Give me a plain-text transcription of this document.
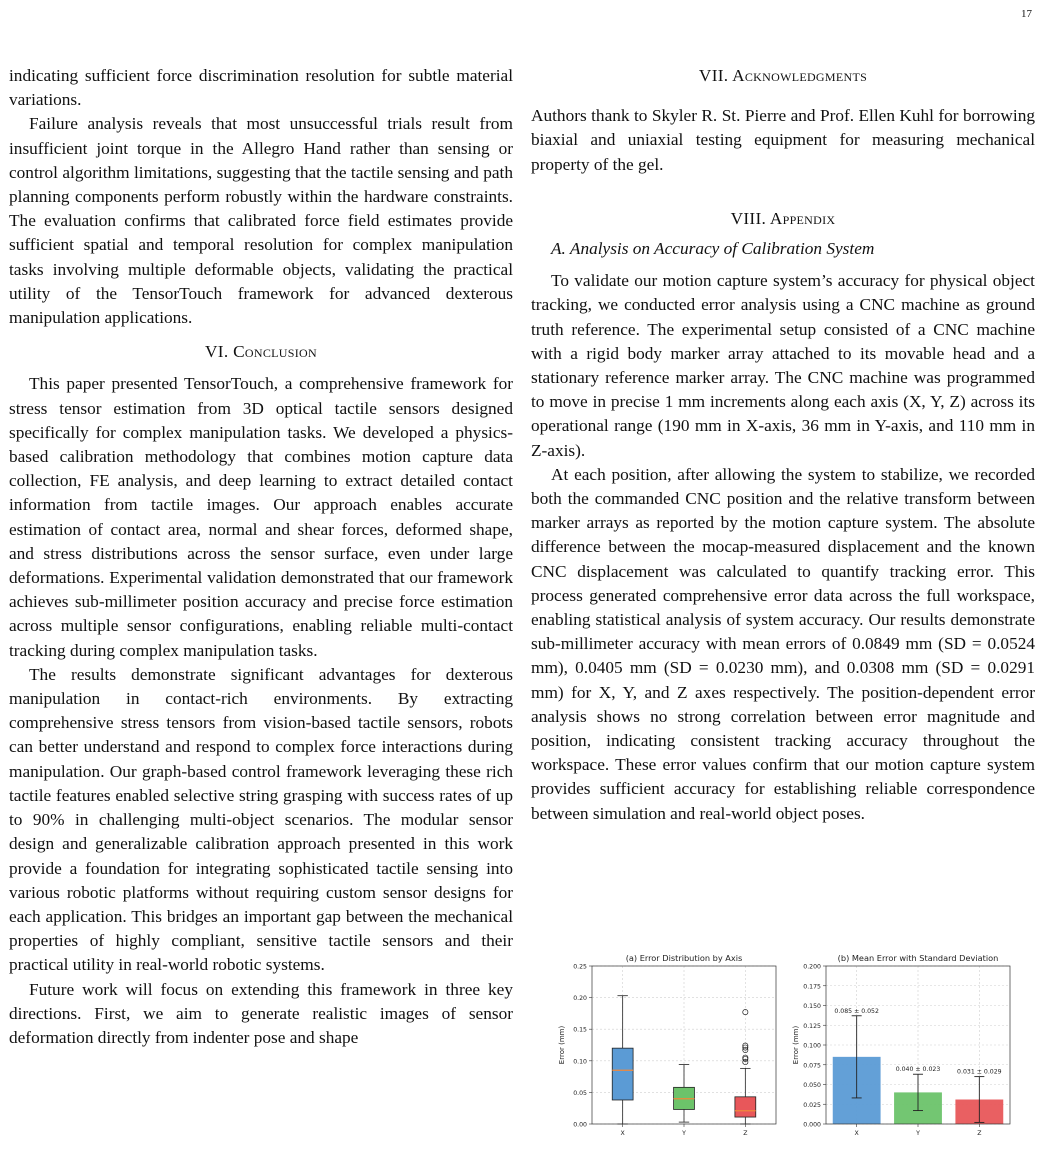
17

indicating sufficient force discrimination resolution for subtle material variations.

Failure analysis reveals that most unsuccessful trials result from insufficient joint torque in the Allegro Hand rather than sensing or control algorithm limitations, suggesting that the tactile sensing and path planning components perform robustly within the hardware constraints. The evaluation confirms that calibrated force field estimates provide sufficient spatial and temporal resolution for complex manipulation tasks involving multiple deformable objects, validating the practical utility of the TensorTouch framework for advanced dexterous manipulation applications.

VI. Conclusion

This paper presented TensorTouch, a comprehensive framework for stress tensor estimation from 3D optical tactile sensors designed specifically for complex manipulation tasks. We developed a physics-based calibration methodology that combines motion capture data collection, FE analysis, and deep learning to extract detailed contact information from tactile images. Our approach enables accurate estimation of contact area, normal and shear forces, deformed shape, and stress distributions across the sensor surface, even under large deformations. Experimental validation demonstrated that our framework achieves sub-millimeter position accuracy and precise force estimation across multiple sensor configurations, enabling reliable multi-contact tracking during complex manipulation tasks.

The results demonstrate significant advantages for dexterous manipulation in contact-rich environments. By extracting comprehensive stress tensors from vision-based tactile sensors, robots can better understand and respond to complex force interactions during manipulation. Our graph-based control framework leveraging these rich tactile features enabled selective string grasping with success rates of up to 90% in challenging multi-object scenarios. The modular sensor design and generalizable calibration approach presented in this work provide a foundation for integrating sophisticated tactile sensing into various robotic platforms without requiring custom sensor designs for each application. This bridges an important gap between the mechanical properties of highly compliant, sensitive tactile sensors and their practical utility in real-world robotic systems.

Future work will focus on extending this framework in three key directions. First, we aim to generate realistic images of sensor deformation directly from indenter pose and shape

VII. Acknowledgments

Authors thank to Skyler R. St. Pierre and Prof. Ellen Kuhl for borrowing biaxial and uniaxial testing equipment for measuring mechanical property of the gel.

VIII. Appendix

A. Analysis on Accuracy of Calibration System

To validate our motion capture system’s accuracy for physical object tracking, we conducted error analysis using a CNC machine as ground truth reference. The experimental setup consisted of a CNC machine with a rigid body marker array attached to its movable head and a stationary reference marker array. The CNC machine was programmed to move in precise 1 mm increments along each axis (X, Y, Z) across its operational range (190 mm in X-axis, 36 mm in Y-axis, and 110 mm in Z-axis).

At each position, after allowing the system to stabilize, we recorded both the commanded CNC position and the relative transform between marker arrays as reported by the motion capture system. The absolute difference between the mocap-measured displacement and the known CNC displacement was calculated to quantify tracking error. This process generated comprehensive error data across the full workspace, enabling statistical analysis of system accuracy. Our results demonstrate sub-millimeter accuracy with mean errors of 0.0849 mm (SD = 0.0524 mm), 0.0405 mm (SD = 0.0230 mm), and 0.0308 mm (SD = 0.0291 mm) for X, Y, and Z axes respectively. The position-dependent error analysis shows no strong correlation between error magnitude and position, indicating consistent tracking accuracy throughout the workspace. These error values confirm that our motion capture system provides sufficient accuracy for establishing reliable correspondence between simulation and real-world object poses.

(a) Error Distribution by Axis
0.00
0.05
0.10
0.15
0.20
0.25
X	Y	Z
Error (mm)
(b) Mean Error with Standard Deviation
0.000
0.025
0.050
0.075
0.100
0.125
0.150
0.175
0.200
X	Y	Z
Error (mm)
0.085 ± 0.052
0.040 ± 0.023	0.031 ± 0.029
